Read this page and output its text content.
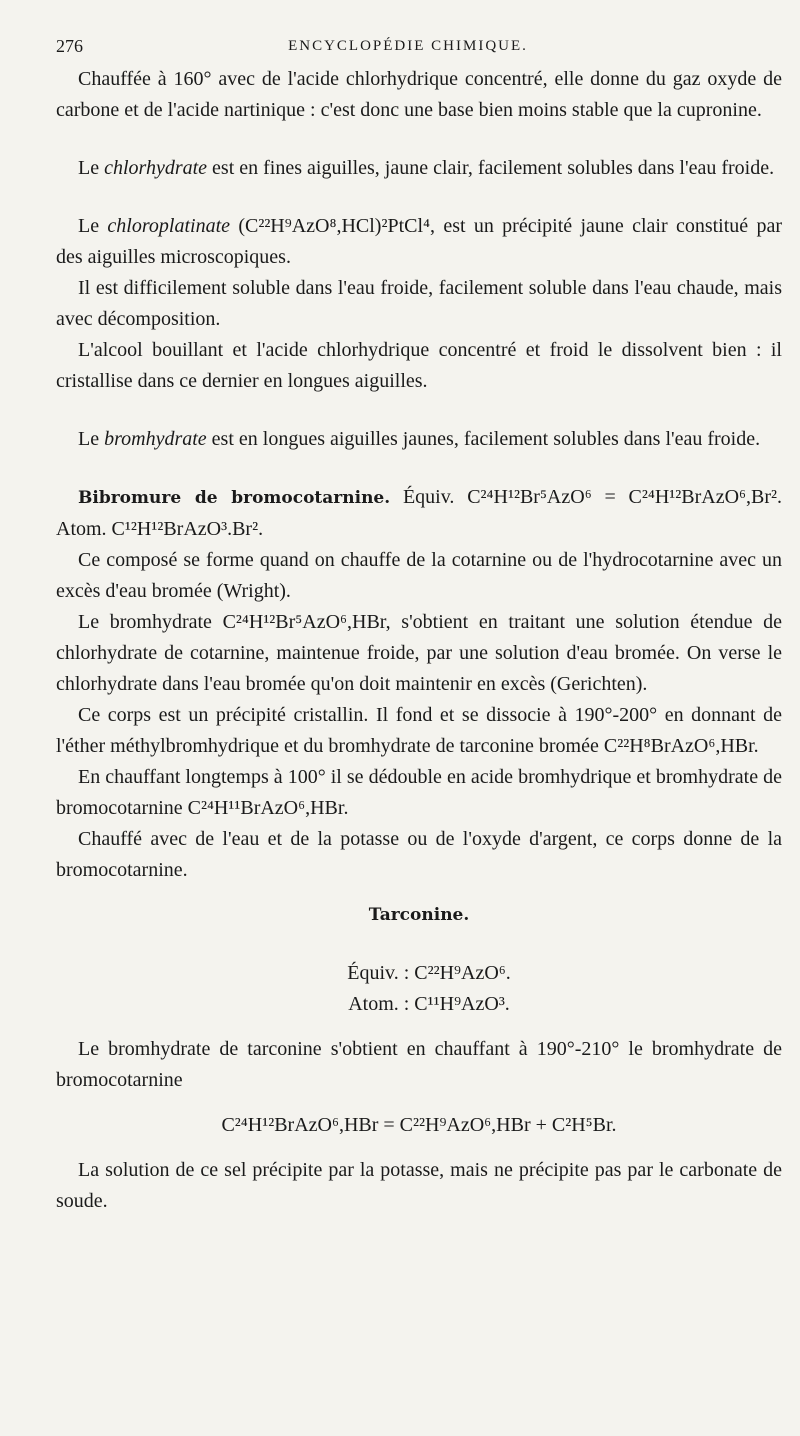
276	ENCYCLOPÉDIE CHIMIQUE.

Chauffée à 160° avec de l'acide chlorhydrique concentré, elle donne du gaz oxyde de carbone et de l'acide nartinique : c'est donc une base bien moins stable que la cupronine.

Le chlorhydrate est en fines aiguilles, jaune clair, facilement solubles dans l'eau froide.

Le chloroplatinate (C²²H⁹AzO⁸,HCl)²PtCl⁴, est un précipité jaune clair constitué par des aiguilles microscopiques.

Il est difficilement soluble dans l'eau froide, facilement soluble dans l'eau chaude, mais avec décomposition.

L'alcool bouillant et l'acide chlorhydrique concentré et froid le dissolvent bien : il cristallise dans ce dernier en longues aiguilles.

Le bromhydrate est en longues aiguilles jaunes, facilement solubles dans l'eau froide.

Bibromure de bromocotarnine. Équiv. C²⁴H¹²Br⁵AzO⁶ = C²⁴H¹²BrAzO⁶,Br². Atom. C¹²H¹²BrAzO³.Br².

Ce composé se forme quand on chauffe de la cotarnine ou de l'hydrocotarnine avec un excès d'eau bromée (Wright).

Le bromhydrate C²⁴H¹²Br⁵AzO⁶,HBr, s'obtient en traitant une solution étendue de chlorhydrate de cotarnine, maintenue froide, par une solution d'eau bromée. On verse le chlorhydrate dans l'eau bromée qu'on doit maintenir en excès (Gerichten).

Ce corps est un précipité cristallin. Il fond et se dissocie à 190°-200° en donnant de l'éther méthylbromhydrique et du bromhydrate de tarconine bromée C²²H⁸BrAzO⁶,HBr.

En chauffant longtemps à 100° il se dédouble en acide bromhydrique et bromhydrate de bromocotarnine C²⁴H¹¹BrAzO⁶,HBr.

Chauffé avec de l'eau et de la potasse ou de l'oxyde d'argent, ce corps donne de la bromocotarnine.

Tarconine.
Équiv. : C²²H⁹AzO⁶.
Atom. : C¹¹H⁹AzO³.

Le bromhydrate de tarconine s'obtient en chauffant à 190°-210° le bromhydrate de bromocotarnine

C²⁴H¹²BrAzO⁶,HBr = C²²H⁹AzO⁶,HBr + C²H⁵Br.

La solution de ce sel précipite par la potasse, mais ne précipite pas par le carbonate de soude.
